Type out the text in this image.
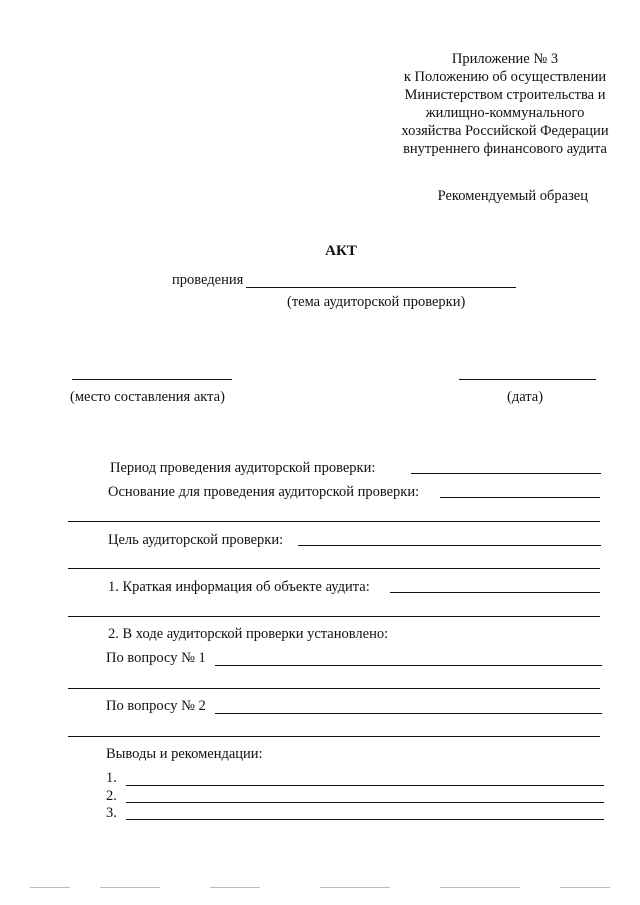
Приложение № 3
к Положению об осуществлении
Министерством строительства и
жилищно-коммунального
хозяйства Российской Федерации
внутреннего финансового аудита
Рекомендуемый образец
АКТ
проведения
(тема аудиторской проверки)
(место составления акта)	(дата)
Период проведения аудиторской проверки:
Основание для проведения аудиторской проверки:
Цель аудиторской проверки:
1. Краткая информация об объекте аудита:
2. В ходе аудиторской проверки установлено:
По вопросу № 1
По вопросу № 2
Выводы и рекомендации:
1.
2.
3.
